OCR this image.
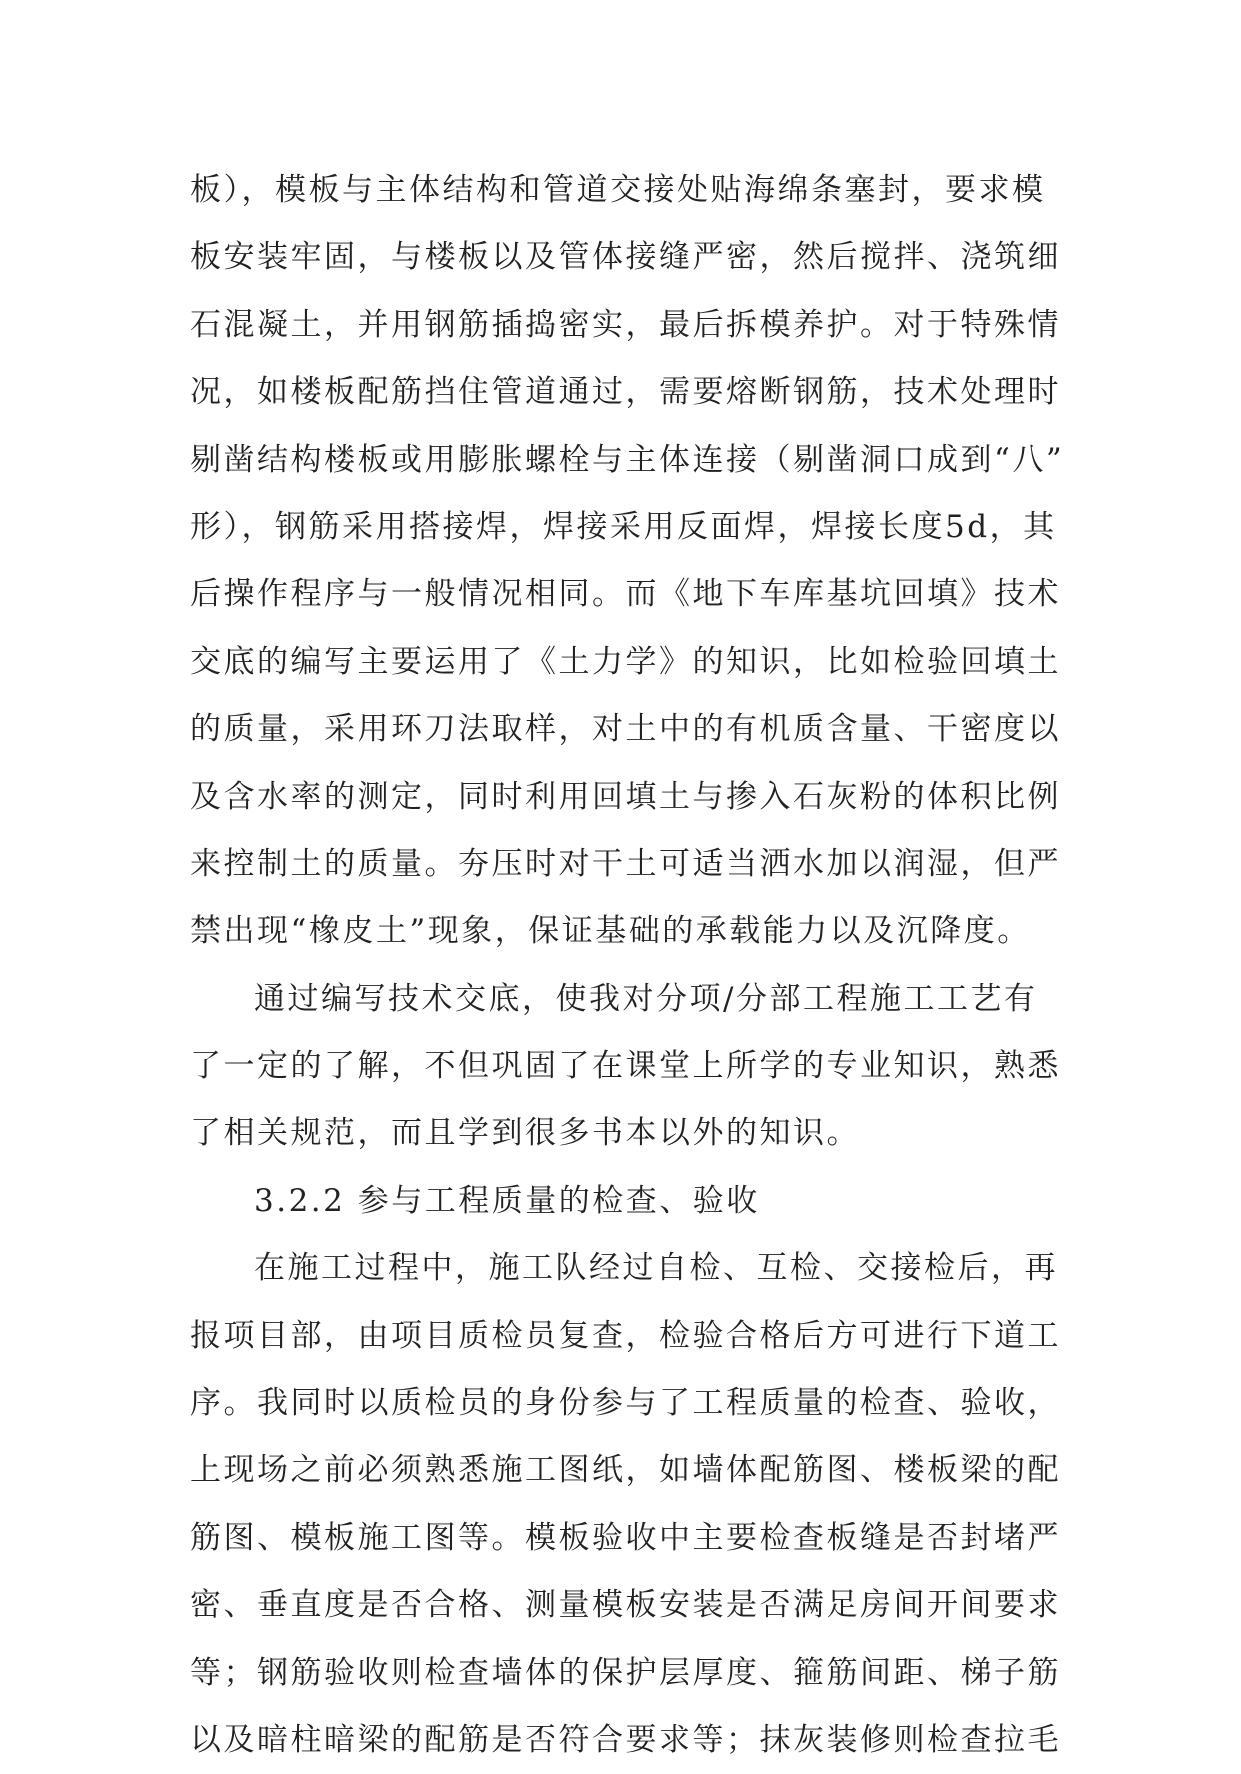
板），模板与主体结构和管道交接处贴海绵条塞封，要求模
板安装牢固，与楼板以及管体接缝严密，然后搅拌、浇筑细
石混凝土，并用钢筋插捣密实，最后拆模养护。对于特殊情
况，如楼板配筋挡住管道通过，需要熔断钢筋，技术处理时
剔凿结构楼板或用膨胀螺栓与主体连接（剔凿洞口成到“八”
形），钢筋采用搭接焊，焊接采用反面焊，焊接长度5d，其
后操作程序与一般情况相同。而《地下车库基坑回填》技术
交底的编写主要运用了《土力学》的知识，比如检验回填土
的质量，采用环刀法取样，对土中的有机质含量、干密度以
及含水率的测定，同时利用回填土与掺入石灰粉的体积比例
来控制土的质量。夯压时对干土可适当洒水加以润湿，但严
禁出现“橡皮土”现象，保证基础的承载能力以及沉降度。
通过编写技术交底，使我对分项/分部工程施工工艺有
了一定的了解，不但巩固了在课堂上所学的专业知识，熟悉
了相关规范，而且学到很多书本以外的知识。
3.2.2 参与工程质量的检查、验收
在施工过程中，施工队经过自检、互检、交接检后，再
报项目部，由项目质检员复查，检验合格后方可进行下道工
序。我同时以质检员的身份参与了工程质量的检查、验收，
上现场之前必须熟悉施工图纸，如墙体配筋图、楼板梁的配
筋图、模板施工图等。模板验收中主要检查板缝是否封堵严
密、垂直度是否合格、测量模板安装是否满足房间开间要求
等；钢筋验收则检查墙体的保护层厚度、箍筋间距、梯子筋
以及暗柱暗梁的配筋是否符合要求等；抹灰装修则检查拉毛
